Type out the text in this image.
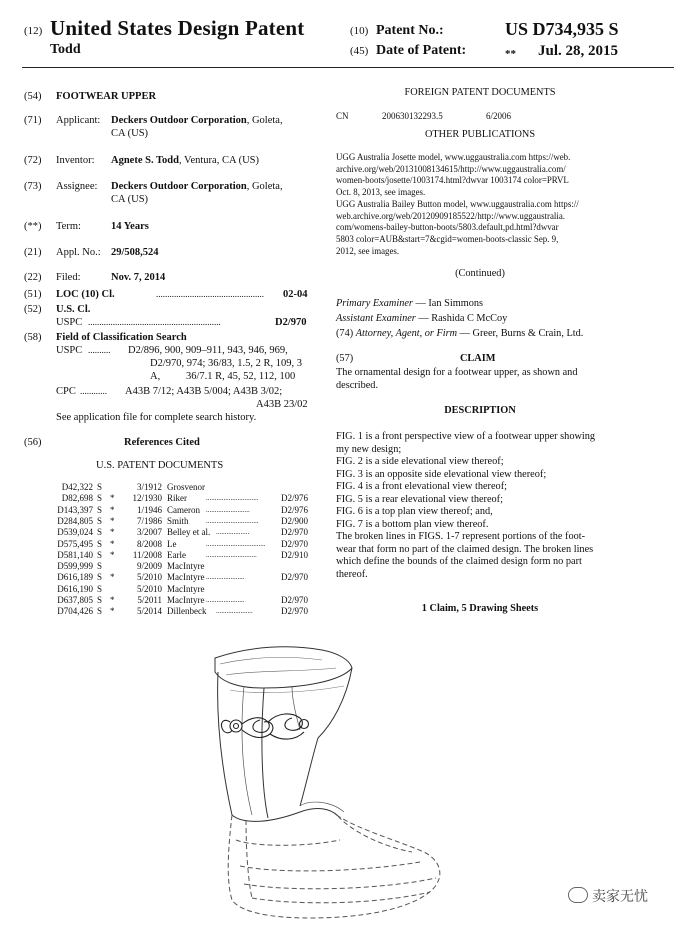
(12) United States Design Patent
Todd
(10) Patent No.:	US D734,935 S
(45) Date of Patent:	** Jul. 28, 2015
(54)	FOOTWEAR UPPER
(71)	Applicant: Deckers Outdoor Corporation, Goleta,
CA (US)
(72)	Inventor: Agnete S. Todd, Ventura, CA (US)
(73)	Assignee: Deckers Outdoor Corporation, Goleta,
CA (US)
(**)	Term:	14 Years
(21)	Appl. No.: 29/508,524
(22)	Filed:	Nov. 7, 2014
(51)	LOC (10) Cl.	................................................ 02-04
(52)	U.S. Cl.
USPC ...........................................................	D2/970
(58)	Field of Classification Search
USPC .......... D2/896, 900, 909–911, 943, 946, 969,
D2/970, 974; 36/83, 1.5, 2 R, 109, 3 A,	36/7.1 R, 45, 52, 112, 100
CPC ............ A43B 7/12; A43B 5/004; A43B 3/02;
A43B 23/02
See application file for complete search history.
(56)	References Cited
U.S. PATENT DOCUMENTS
D42,322 S	3/1912 Grosvenor
D82,698 S *	12/1930 Riker	..............................	D2/976
D143,397 S *	1/1946 Cameron .........................	D2/976
D284,805 S *	7/1986 Smith ..............................	D2/900
D539,024 S *	3/2007 Belley et al. ...................	D2/970
D575,495 S *	8/2008 Le	.................................. D2/970
D581,140 S *	11/2008 Earle	.............................	D2/910
D599,999 S	9/2009 MacIntyre
D616,189 S *	5/2010 MacIntyre ......................	D2/970
D616,190 S	5/2010 MacIntyre
D637,805 S *	5/2011 MacIntyre ......................	D2/970
D704,426 S *	5/2014 Dillenbeck .....................	D2/970
FOREIGN PATENT DOCUMENTS
CN	200630132293.5	6/2006
OTHER PUBLICATIONS
UGG Australia Josette model, www.uggaustralia.com https://web.
archive.org/web/20131008134615/http://www.uggaustralia.com/
women-boots/josette/1003174.html?dwvar 1003174 color=PRVL
Oct. 8, 2013, see images.
UGG Australia Bailey Button model, www.uggaustralia.com https://
web.archive.org/web/20120909185522/http://www.uggaustralia.
com/womens-bailey-button-boots/5803.default,pd.html?dwvar
5803 color=AUB&start=7&cgid=women-boots-classic Sep. 9,
2012, see images.
(Continued)
Primary Examiner — Ian Simmons
Assistant Examiner — Rashida C McCoy
(74) Attorney, Agent, or Firm — Greer, Burns & Crain, Ltd.
(57)	CLAIM
The ornamental design for a footwear upper, as shown and
described.
DESCRIPTION
FIG. 1 is a front perspective view of a footwear upper showing
my new design;
FIG. 2 is a side elevational view thereof;
FIG. 3 is an opposite side elevational view thereof;
FIG. 4 is a front elevational view thereof;
FIG. 5 is a rear elevational view thereof;
FIG. 6 is a top plan view thereof; and,
FIG. 7 is a bottom plan view thereof.
The broken lines in FIGS. 1-7 represent portions of the foot-
wear that form no part of the claimed design. The broken lines
which define the bounds of the claimed design form no part
thereof.
1 Claim, 5 Drawing Sheets
卖家无忧
